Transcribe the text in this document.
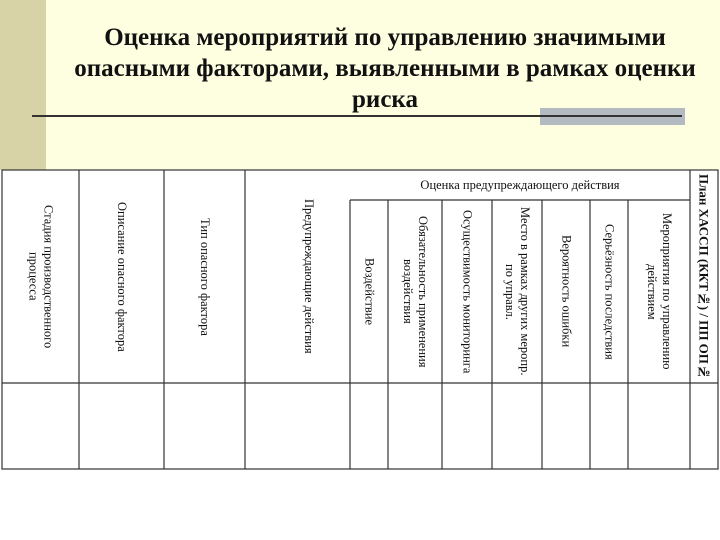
Оценка мероприятий по управлению значимыми опасными факторами, выявленными в рамках оценки риска
Оценка предупреждающего действия	План ХАССП (ККТ№) / ПП ОП№
Мероприятия по управлению действием
Серьёзность последствия
Вероятность ошибки
Место в рамках других меропр. по управл.
Осуществимость мониторинга
Обязательность применения воздействия
Воздействие
Предупреждающие действия
Тип опасного фактора
Описание опасного фактора
Стадия производственного процесса
